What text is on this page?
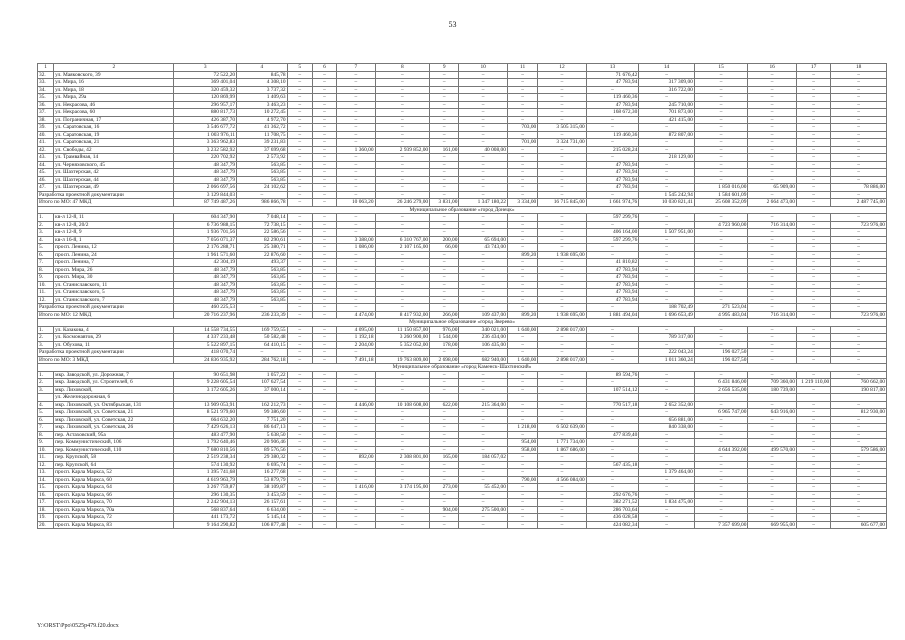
53
1	2	3	4	5	6	7	8	9	10	11	12	13	14	15	16	17	18
32.	ул. Маяковского, 39	72 522,20	845,78	–	–	–	–	–	–	–	–	71 676,42	–	–	–	–	–
33.	ул. Мира, 16	369 401,04	4 308,10	–	–	–	–	–	–	–	–	47 783,94	317 309,00	–	–	–	–
34.	ул. Мира, 18	320 459,32	3 737,32	–	–	–	–	–	–	–	–	–	316 722,00	–	–	–	–
35.	ул. Мира, 29а	120 869,99	1 409,63	–	–	–	–	–	–	–	–	119 460,36	–	–	–	–	–
36.	ул. Некрасова, 46	296 957,17	3 463,23	–	–	–	–	–	–	–	–	47 783,94	245 710,00	–	–	–	–
37.	ул. Некрасова, 60	880 817,73	10 272,45	–	–	–	–	–	–	–	–	168 672,30	701 873,00	–	–	–	–
38.	ул. Пограничная, 17	426 387,70	4 972,70	–	–	–	–	–	–	–	–	–	421 415,00	–	–	–	–
39.	ул. Саратовская, 16	3 546 677,72	41 362,72	–	–	–	–	–	–	703,00	3 505 315,00	–	–	–	–	–	–
40.	ул. Саратовская, 19	1 003 976,11	11 708,75	–	–	–	–	–	–	–	–	119 460,36	872 807,00	–	–	–	–
41.	ул. Саратовская, 21	3 363 962,83	39 231,83	–	–	–	–	–	–	701,00	3 324 731,00	–	–	–	–	–	–
42.	ул. Свободы, 42	3 232 582,92	37 699,68	–	–	1 360,00	2 939 852,00	161,00	40 008,00	–	–	215 028,24	–	–	–	–	–
43.	ул. Трамвайная, 14	220 702,92	2 573,92	–	–	–	–	–	–	–	–	–	218 129,00	–	–	–	–
44.	ул. Черняховского, 45	48 347,79	563,85	–	–	–	–	–	–	–	–	47 783,94	–	–	–	–	–
45.	ул. Шахтерская, 42	48 347,79	563,85	–	–	–	–	–	–	–	–	47 783,94	–	–	–	–	–
46.	ул. Шахтерская, 44	48 347,79	563,85	–	–	–	–	–	–	–	–	47 783,94	–	–	–	–	–
47.	ул. Шахтерская, 49	2 066 697,56	24 102,62	–	–	–	–	–	–	–	–	47 783,94	–	1 850 016,00	65 909,00	–	78 886,00
Разработка проектной документации		3 129 844,03	–	–	–	–	–	–	–	–	–	–	1 545 242,94	1 584 601,09	–	–	–
Итого по МО: 47 МКД		87 749 487,26	986 866,78	–	–	10 063,20	26 246 279,00	3 831,00	1 347 180,22	3 334,00	16 715 845,00	1 661 974,76	10 030 821,41	25 608 352,09	2 664 473,00	–	2 487 745,00
Муниципальное образование «город Донецк»																	
1.	кв-л 12-й, 11	604 347,90	7 048,14	–	–	–	–	–	–	–	–	597 299,76	–	–	–	–	–
2.	кв-л 12-й, 20/2	6 736 988,15	72 738,15	–	–	–	–	–	–	–	–	–	–	4 723 960,00	716 314,00	–	723 976,00
3.	кв-л 12-й, 9	1 936 701,56	22 586,56	–	–	–	–	–	–	–	–	406 164,00	1 507 951,00	–	–	–	–
4.	кв-л 16-й, 1	7 056 071,37	82 290,61	–	–	3 388,00	6 310 767,00	200,00	65 694,00	–	–	597 299,76	–	–	–	–	–
5.	просп. Ленина, 12	2 176 288,71	25 380,71	–	–	1 086,00	2 107 165,00	66,00	43 743,00	–	–	–	–	–	–	–	–
6.	просп. Ленина, 24	1 961 571,60	22 876,60	–	–	–	–	–	–	899,20	1 938 695,00	–	–	–	–	–	–
7.	просп. Ленина, 7	42 304,19	493,37	–	–	–	–	–	–	–	–	41 810,82	–	–	–	–	–
8.	просп. Мира, 26	48 347,79	563,85	–	–	–	–	–	–	–	–	47 783,94	–	–	–	–	–
9.	просп. Мира, 30	48 347,79	563,85	–	–	–	–	–	–	–	–	47 783,94	–	–	–	–	–
10.	ул. Станиславского, 11	48 347,79	563,85	–	–	–	–	–	–	–	–	47 783,94	–	–	–	–	–
11.	ул. Станиславского, 5	48 347,79	563,85	–	–	–	–	–	–	–	–	47 783,94	–	–	–	–	–
12.	ул. Станиславского, 7	48 347,79	563,85	–	–	–	–	–	–	–	–	47 783,94	–	–	–	–	–
Разработка проектной документации		460 225,53	–	–	–	–	–	–	–	–	–	–	188 702,49	271 523,04	–	–	–
Итого по МО: 12 МКД		20 716 237,96	236 233,39	–	–	4 474,00	8 417 932,00	266,00	109 437,00	899,20	1 938 695,00	1 881 494,04	1 696 653,49	4 995 483,04	716 314,00	–	723 976,00
Муниципальное образование «город Зверево»																	
1.	ул. Казакова, 4	14 558 734,55	169 759,55	–	–	4 095,00	11 150 857,00	976,00	340 021,00	1 640,00	2 898 017,00	–	–	–	–	–	–
2.	ул. Космонавтов, 29	4 337 233,48	50 582,48	–	–	1 192,18	3 260 900,00	1 544,00	236 434,00	–	–	–	789 317,00	–	–	–	–
3.	ул. Обухова, 11	5 522 897,15	64 410,15	–	–	2 204,00	5 352 052,00	178,00	106 435,00	–	–	–	–	–	–	–	–
Разработка проектной документации		418 070,74	–	–	–	–	–	–	–	–	–	–	222 043,24	196 027,50	–	–	–
Итого по МО: 3 МКД		24 836 935,92	284 762,18	–	–	7 491,18	19 763 809,00	2 698,00	682 940,00	1 640,00	2 898 017,00	–	1 011 360,24	196 027,50	–	–	–
Муниципальное образование «город Каменск-Шахтинский»																	
1.	мкр. Заводской, ул. Дорожная, 7	90 651,98	1 057,22	–	–	–	–	–	–	–	–	89 594,76	–	–	–	–	–
2.	мкр. Заводской, ул. Строителей, 6	9 228 605,54	107 627,54	–	–	–	–	–	–	–	–	–	–	6 431 846,00	709 360,00	1 219 110,00	760 662,00
3.	мкр. Лиховской,	3 172 605,26	37 000,14	–	–	–	–	–	–	–	–	107 514,12	–	2 656 535,00	180 739,00	–	190 817,00
	ул. Железнодорожная, 6																
4.	мкр. Лиховской, ул. Октябрьская, 131	13 909 053,91	162 212,73	–	–	4 446,00	10 108 608,00	622,00	215 364,00	–	–	770 517,18	2 652 352,00	–	–	–	–
5.	мкр. Лиховской, ул. Советская, 21	8 521 979,60	99 386,60	–	–	–	–	–	–	–	–	–	–	6 965 747,00	643 916,00	–	812 930,00
6.	мкр. Лиховской, ул. Советская, 22	664 632,20	7 751,20	–	–	–	–	–	–	–	–	–	656 881,00	–	–	–	–
7.	мкр. Лиховской, ул. Советская, 26	7 429 626,13	86 647,13	–	–	–	–	–	–	1 218,00	6 502 639,00	–	840 338,00	–	–	–	–
8.	пер. Астаховский, 95а	483 477,90	5 638,50	–	–	–	–	–	–	–	–	477 839,40	–	–	–	–	–
9.	пер. Коммунистический, 106	1 792 640,46	20 906,46	–	–	–	–	–	–	954,00	1 771 734,00	–	–	–	–	–	–
10.	пер. Коммунистический, 110	7 680 810,56	89 576,56	–	–	–	–	–	–	958,00	1 867 686,00	–	–	4 644 392,00	499 570,00	–	579 586,00
11.	пер. Крупской, 58	2 519 238,34	29 380,32	–	–	892,00	2 308 801,00	165,00	184 057,02	–	–	–	–	–	–	–	–
12.	пер. Крупской, 64	574 130,92	6 695,74	–	–	–	–	–	–	–	–	567 435,18	–	–	–	–	–
13.	просп. Карла Маркса, 52	1 395 741,68	16 277,68	–	–	–	–	–	–	–	–	–	1 379 464,00	–	–	–	–
14.	просп. Карла Маркса, 60	4 619 963,79	53 879,79	–	–	–	–	–	–	790,00	4 566 084,00	–	–	–	–	–	–
15.	просп. Карла Маркса, 64	3 267 759,87	38 109,87	–	–	1 416,00	3 174 195,00	273,00	55 452,00	–	–	–	–	–	–	–	–
16.	просп. Карла Маркса, 66	296 130,35	3 453,59	–	–	–	–	–	–	–	–	292 676,76	–	–	–	–	–
17.	просп. Карла Маркса, 70	2 242 904,13	26 157,61	–	–	–	–	–	–	–	–	382 271,52	1 834 475,00	–	–	–	–
18.	просп. Карла Маркса, 70а	568 837,64	6 634,00	–	–	–	–	904,00	275 500,00	–	–	286 703,64	–	–	–	–	–
19.	просп. Карла Маркса, 72	441 173,72	5 145,14	–	–	–	–	–	–	–	–	436 028,58	–	–	–	–	–
20.	просп. Карла Маркса, 83	9 164 290,82	106 877,48	–	–	–	–	–	–	–	–	424 082,34	–	7 357 699,00	669 955,00	–	605 677,00
Y:\ORST\Ppo\0525p479.f20.docx
